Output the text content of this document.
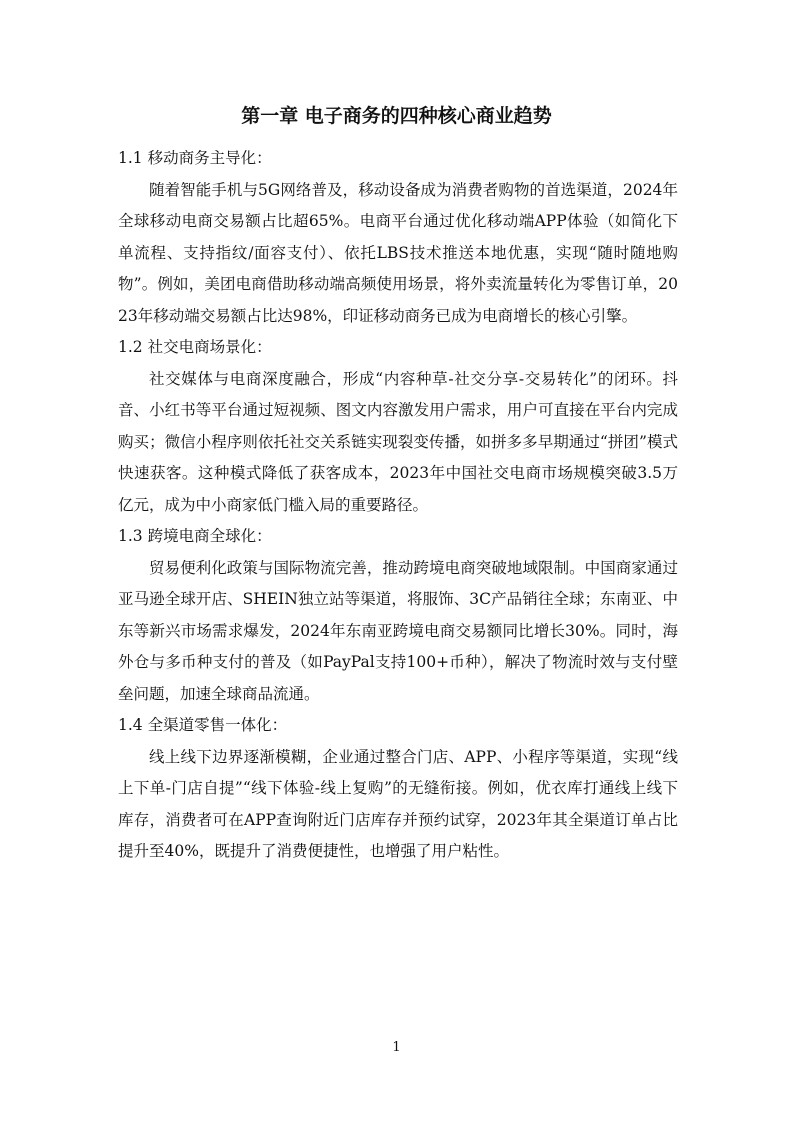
第一章 电子商务的四种核心商业趋势

1.1 移动商务主导化：

随着智能手机与5G网络普及，移动设备成为消费者购物的首选渠道，2024年全球移动电商交易额占比超65%。电商平台通过优化移动端APP体验（如简化下单流程、支持指纹/面容支付）、依托LBS技术推送本地优惠，实现“随时随地购物”。例如，美团电商借助移动端高频使用场景，将外卖流量转化为零售订单，2023年移动端交易额占比达98%，印证移动商务已成为电商增长的核心引擎。

1.2 社交电商场景化：

社交媒体与电商深度融合，形成“内容种草-社交分享-交易转化”的闭环。抖音、小红书等平台通过短视频、图文内容激发用户需求，用户可直接在平台内完成购买；微信小程序则依托社交关系链实现裂变传播，如拼多多早期通过“拼团”模式快速获客。这种模式降低了获客成本，2023年中国社交电商市场规模突破3.5万亿元，成为中小商家低门槛入局的重要路径。

1.3 跨境电商全球化：

贸易便利化政策与国际物流完善，推动跨境电商突破地域限制。中国商家通过亚马逊全球开店、SHEIN独立站等渠道，将服饰、3C产品销往全球；东南亚、中东等新兴市场需求爆发，2024年东南亚跨境电商交易额同比增长30%。同时，海外仓与多币种支付的普及（如PayPal支持100+币种），解决了物流时效与支付壁垒问题，加速全球商品流通。

1.4 全渠道零售一体化：

线上线下边界逐渐模糊，企业通过整合门店、APP、小程序等渠道，实现“线上下单-门店自提”“线下体验-线上复购”的无缝衔接。例如，优衣库打通线上线下库存，消费者可在APP查询附近门店库存并预约试穿，2023年其全渠道订单占比提升至40%，既提升了消费便捷性，也增强了用户粘性。

1
